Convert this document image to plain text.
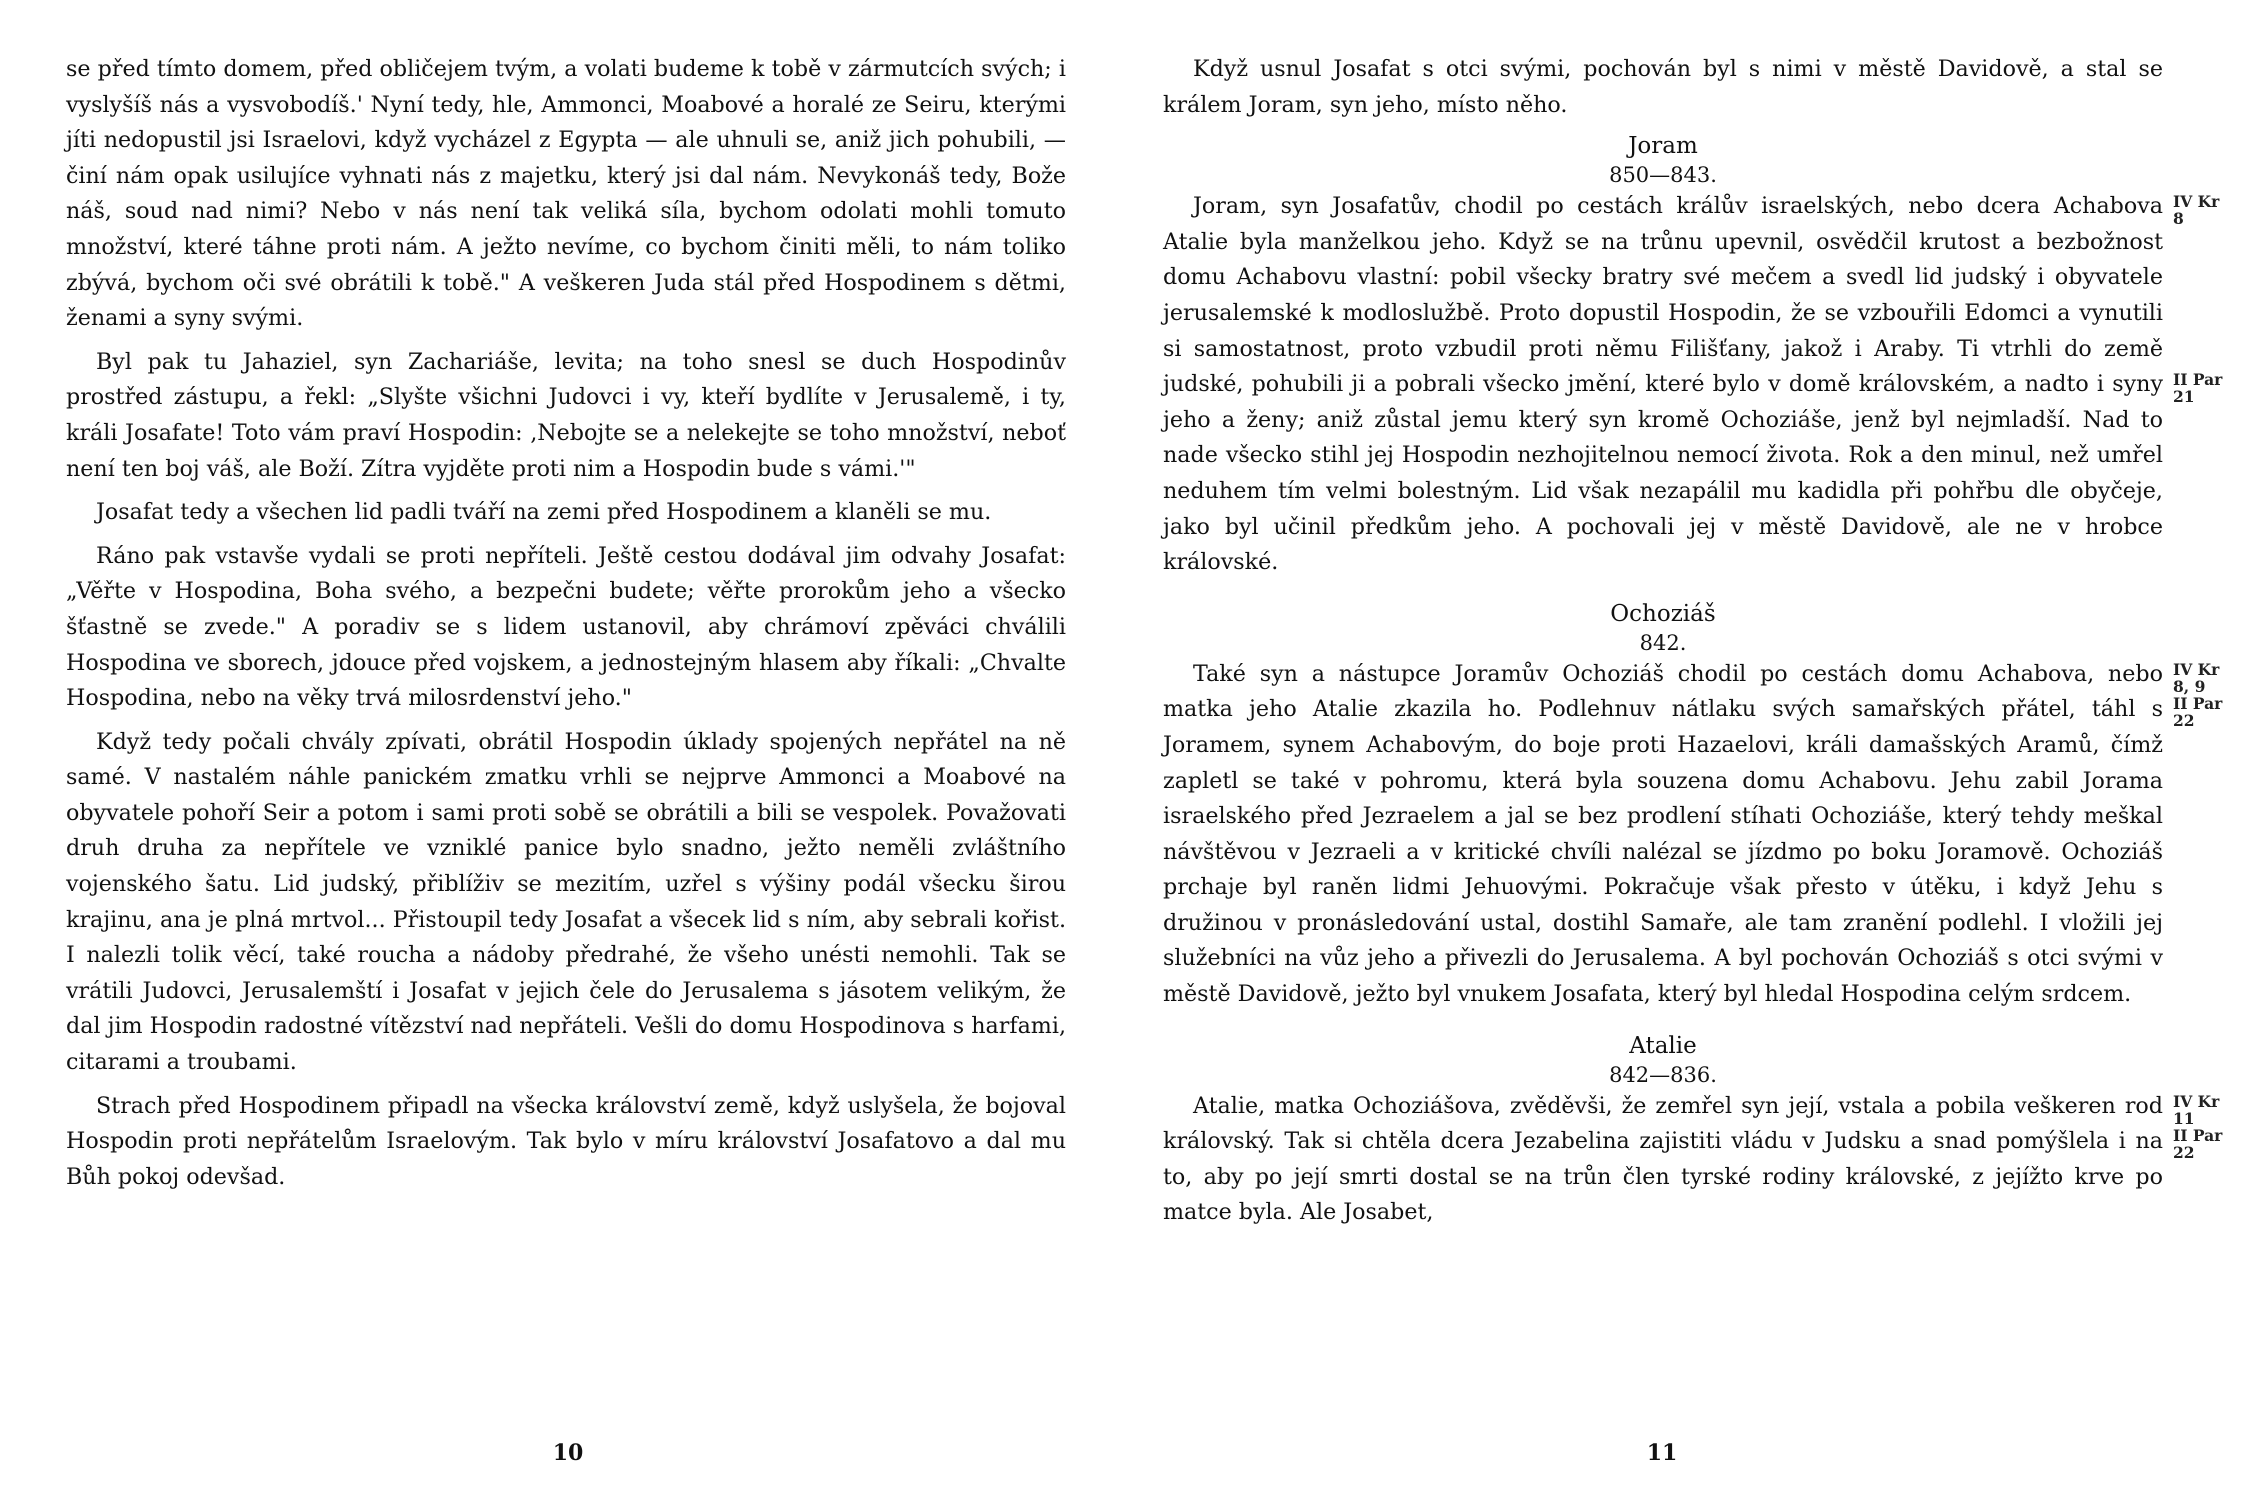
se před tímto domem, před obličejem tvým, a volati budeme k tobě v zármutcích svých; i vyslyšíš nás a vysvobodíš.' Nyní tedy, hle, Ammonci, Moabové a horalé ze Seiru, kterými jíti nedopustil jsi Israelovi, když vycházel z Egypta — ale uhnuli se, aniž jich pohubili, — činí nám opak usilujíce vyhnati nás z majetku, který jsi dal nám. Nevykonáš tedy, Bože náš, soud nad nimi? Nebo v nás není tak veliká síla, bychom odolati mohli tomuto množství, které táhne proti nám. A ježto nevíme, co bychom činiti měli, to nám toliko zbývá, bychom oči své obrátili k tobě." A veškeren Juda stál před Hospodinem s dětmi, ženami a syny svými.

Byl pak tu Jahaziel, syn Zachariáše, levita; na toho snesl se duch Hospodinův prostřed zástupu, a řekl: „Slyšte všichni Judovci i vy, kteří bydlíte v Jerusalemě, i ty, králi Josafate! Toto vám praví Hospodin: ‚Nebojte se a nelekejte se toho množství, neboť není ten boj váš, ale Boží. Zítra vyjděte proti nim a Hospodin bude s vámi.'"

Josafat tedy a všechen lid padli tváří na zemi před Hospodinem a klaněli se mu.

Ráno pak vstavše vydali se proti nepříteli. Ještě cestou dodával jim odvahy Josafat: „Věřte v Hospodina, Boha svého, a bezpečni budete; věřte prorokům jeho a všecko šťastně se zvede." A poradiv se s lidem ustanovil, aby chrámoví zpěváci chválili Hospodina ve sborech, jdouce před vojskem, a jednostejným hlasem aby říkali: „Chvalte Hospodina, nebo na věky trvá milosrdenství jeho."

Když tedy počali chvály zpívati, obrátil Hospodin úklady spojených nepřátel na ně samé. V nastalém náhle panickém zmatku vrhli se nejprve Ammonci a Moabové na obyvatele pohoří Seir a potom i sami proti sobě se obrátili a bili se vespolek. Považovati druh druha za nepřítele ve vzniklé panice bylo snadno, ježto neměli zvláštního vojenského šatu. Lid judský, přiblíživ se mezitím, uzřel s výšiny podál všecku širou krajinu, ana je plná mrtvol... Přistoupil tedy Josafat a všecek lid s ním, aby sebrali kořist. I nalezli tolik věcí, také roucha a nádoby předrahé, že všeho unésti nemohli. Tak se vrátili Judovci, Jerusalemští i Josafat v jejich čele do Jerusalema s jásotem velikým, že dal jim Hospodin radostné vítězství nad nepřáteli. Vešli do domu Hospodinova s harfami, citarami a troubami.

Strach před Hospodinem připadl na všecka království země, když uslyšela, že bojoval Hospodin proti nepřátelům Israelovým. Tak bylo v míru království Josafatovo a dal mu Bůh pokoj odevšad.

10

Když usnul Josafat s otci svými, pochován byl s nimi v městě Davidově, a stal se králem Joram, syn jeho, místo něho.

Joram
850—843.
IV Kr
8
II Par
21

Joram, syn Josafatův, chodil po cestách králův israelských, nebo dcera Achabova Atalie byla manželkou jeho. Když se na trůnu upevnil, osvědčil krutost a bezbožnost domu Achabovu vlastní: pobil všecky bratry své mečem a svedl lid judský i obyvatele jerusalemské k modloslužbě. Proto dopustil Hospodin, že se vzbouřili Edomci a vynutili si samostatnost, proto vzbudil proti němu Filišťany, jakož i Araby. Ti vtrhli do země judské, pohubili ji a pobrali všecko jmění, které bylo v domě královském, a nadto i syny jeho a ženy; aniž zůstal jemu který syn kromě Ochoziáše, jenž byl nejmladší. Nad to nade všecko stihl jej Hospodin nezhojitelnou nemocí života. Rok a den minul, než umřel neduhem tím velmi bolestným. Lid však nezapálil mu kadidla při pohřbu dle obyčeje, jako byl učinil předkům jeho. A pochovali jej v městě Davidově, ale ne v hrobce královské.

Ochoziáš
842.
IV Kr
8, 9
II Par
22

Také syn a nástupce Joramův Ochoziáš chodil po cestách domu Achabova, nebo matka jeho Atalie zkazila ho. Podlehnuv nátlaku svých samařských přátel, táhl s Joramem, synem Achabovým, do boje proti Hazaelovi, králi damašských Aramů, čímž zapletl se také v pohromu, která byla souzena domu Achabovu. Jehu zabil Jorama israelského před Jezraelem a jal se bez prodlení stíhati Ochoziáše, který tehdy meškal návštěvou v Jezraeli a v kritické chvíli nalézal se jízdmo po boku Joramově. Ochoziáš prchaje byl raněn lidmi Jehuovými. Pokračuje však přesto v útěku, i když Jehu s družinou v pronásledování ustal, dostihl Samaře, ale tam zranění podlehl. I vložili jej služebníci na vůz jeho a přivezli do Jerusalema. A byl pochován Ochoziáš s otci svými v městě Davidově, ježto byl vnukem Josafata, který byl hledal Hospodina celým srdcem.

Atalie
842—836.
IV Kr
11
II Par
22

Atalie, matka Ochoziášova, zvěděvši, že zemřel syn její, vstala a pobila veškeren rod královský. Tak si chtěla dcera Jezabelina zajistiti vládu v Judsku a snad pomýšlela i na to, aby po její smrti dostal se na trůn člen tyrské rodiny královské, z jejížto krve po matce byla. Ale Josabet,

11
